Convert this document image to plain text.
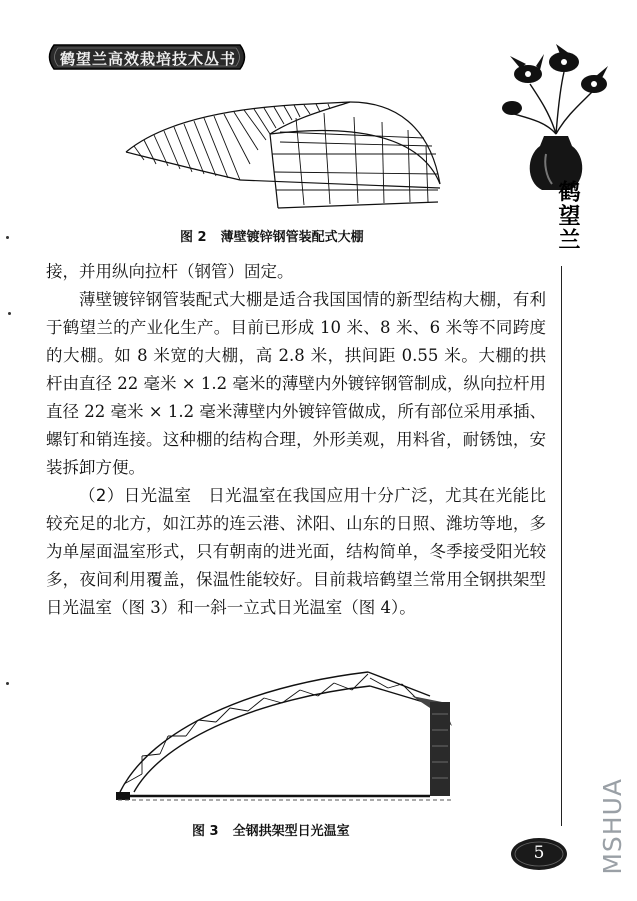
鹤望兰高效栽培技术丛书
鹤望兰
图 2 薄壁镀锌钢管装配式大棚

接，并用纵向拉杆（钢管）固定。

薄壁镀锌钢管装配式大棚是适合我国国情的新型结构大棚，有利于鹤望兰的产业化生产。目前已形成 10 米、8 米、6 米等不同跨度的大棚。如 8 米宽的大棚，高 2.8 米，拱间距 0.55 米。大棚的拱杆由直径 22 毫米 × 1.2 毫米的薄壁内外镀锌钢管制成，纵向拉杆用直径 22 毫米 × 1.2 毫米薄壁内外镀锌管做成，所有部位采用承插、螺钉和销连接。这种棚的结构合理，外形美观，用料省，耐锈蚀，安装拆卸方便。

（2）日光温室  日光温室在我国应用十分广泛，尤其在光能比较充足的北方，如江苏的连云港、沭阳、山东的日照、潍坊等地，多为单屋面温室形式，只有朝南的进光面，结构简单，冬季接受阳光较多，夜间利用覆盖，保温性能较好。目前栽培鹤望兰常用全钢拱架型日光温室（图 3）和一斜一立式日光温室（图 4）。

图 3 全钢拱架型日光温室
5	MSHUA
